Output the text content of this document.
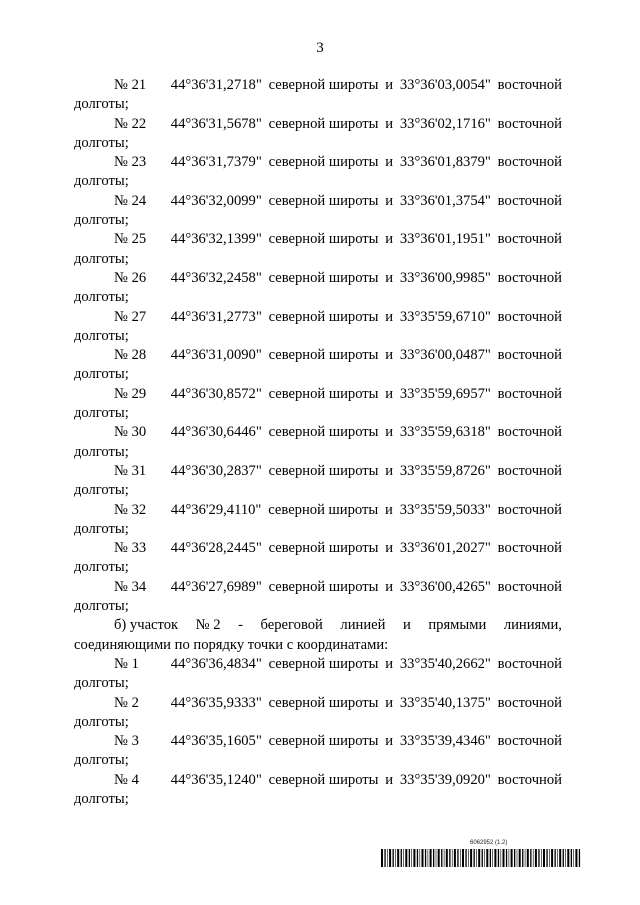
3
№ 21	44°36'31,2718" северной широты и 33°36'03,0054" восточной
долготы;
№ 22	44°36'31,5678" северной широты и 33°36'02,1716" восточной
долготы;
№ 23	44°36'31,7379" северной широты и 33°36'01,8379" восточной
долготы;
№ 24	44°36'32,0099" северной широты и 33°36'01,3754" восточной
долготы;
№ 25	44°36'32,1399" северной широты и 33°36'01,1951" восточной
долготы;
№ 26	44°36'32,2458" северной широты и 33°36'00,9985" восточной
долготы;
№ 27	44°36'31,2773" северной широты и 33°35'59,6710" восточной
долготы;
№ 28	44°36'31,0090" северной широты и 33°36'00,0487" восточной
долготы;
№ 29	44°36'30,8572" северной широты и 33°35'59,6957" восточной
долготы;
№ 30	44°36'30,6446" северной широты и 33°35'59,6318" восточной
долготы;
№ 31	44°36'30,2837" северной широты и 33°35'59,8726" восточной
долготы;
№ 32	44°36'29,4110" северной широты и 33°35'59,5033" восточной
долготы;
№ 33	44°36'28,2445" северной широты и 33°36'01,2027" восточной
долготы;
№ 34	44°36'27,6989" северной широты и 33°36'00,4265" восточной
долготы;
б) участок № 2 - береговой линией и прямыми линиями,
соединяющими по порядку точки с координатами:
№ 1	44°36'36,4834" северной широты и 33°35'40,2662" восточной
долготы;
№ 2	44°36'35,9333" северной широты и 33°35'40,1375" восточной
долготы;
№ 3	44°36'35,1605" северной широты и 33°35'39,4346" восточной
долготы;
№ 4	44°36'35,1240" северной широты и 33°35'39,0920" восточной
долготы;
6062952 (1.2)
